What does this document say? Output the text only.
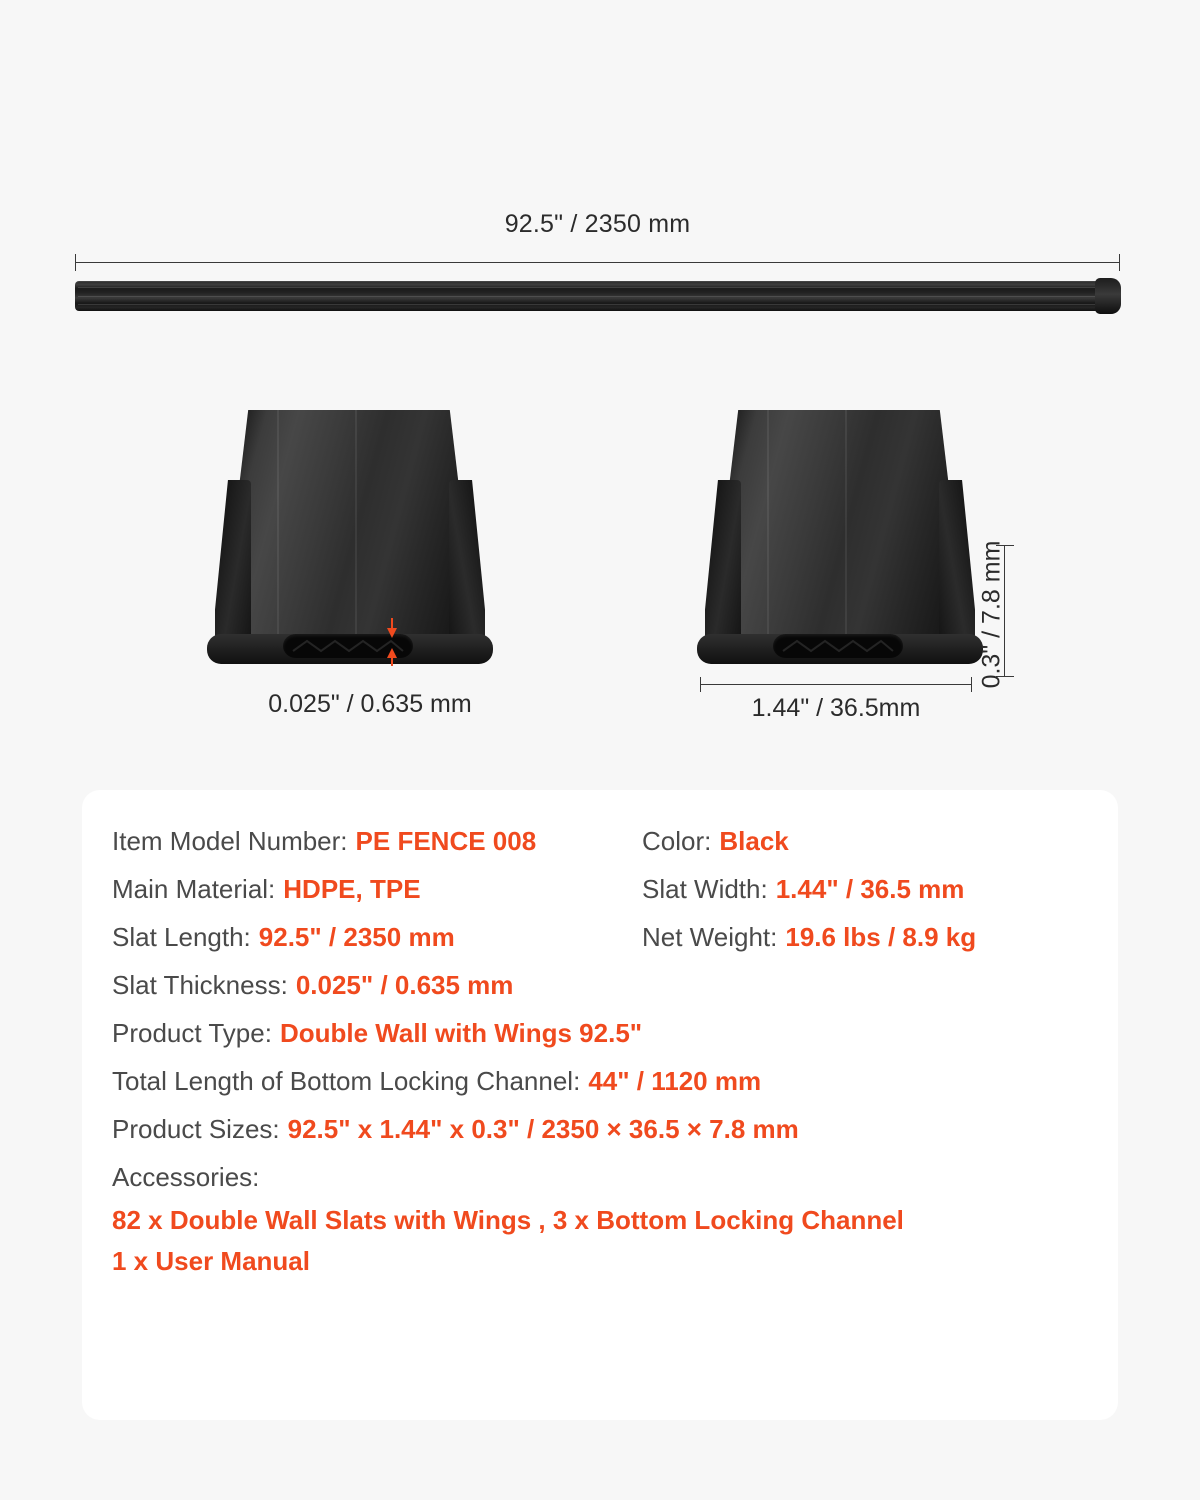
92.5" / 2350 mm
0.025" / 0.635 mm	1.44" / 36.5mm
0.3" / 7.8 mm
Item Model Number: PE FENCE 008	Color: Black
Main Material: HDPE, TPE	Slat Width: 1.44" / 36.5 mm
Slat Length: 92.5" / 2350 mm	Net Weight: 19.6 lbs / 8.9 kg
Slat Thickness: 0.025" / 0.635 mm
Product Type: Double Wall with Wings 92.5"
Total Length of Bottom Locking Channel: 44" / 1120 mm
Product Sizes: 92.5" x 1.44" x 0.3" / 2350 × 36.5 × 7.8 mm
Accessories:
82 x Double Wall Slats with Wings , 3 x Bottom Locking Channel
1 x User Manual
